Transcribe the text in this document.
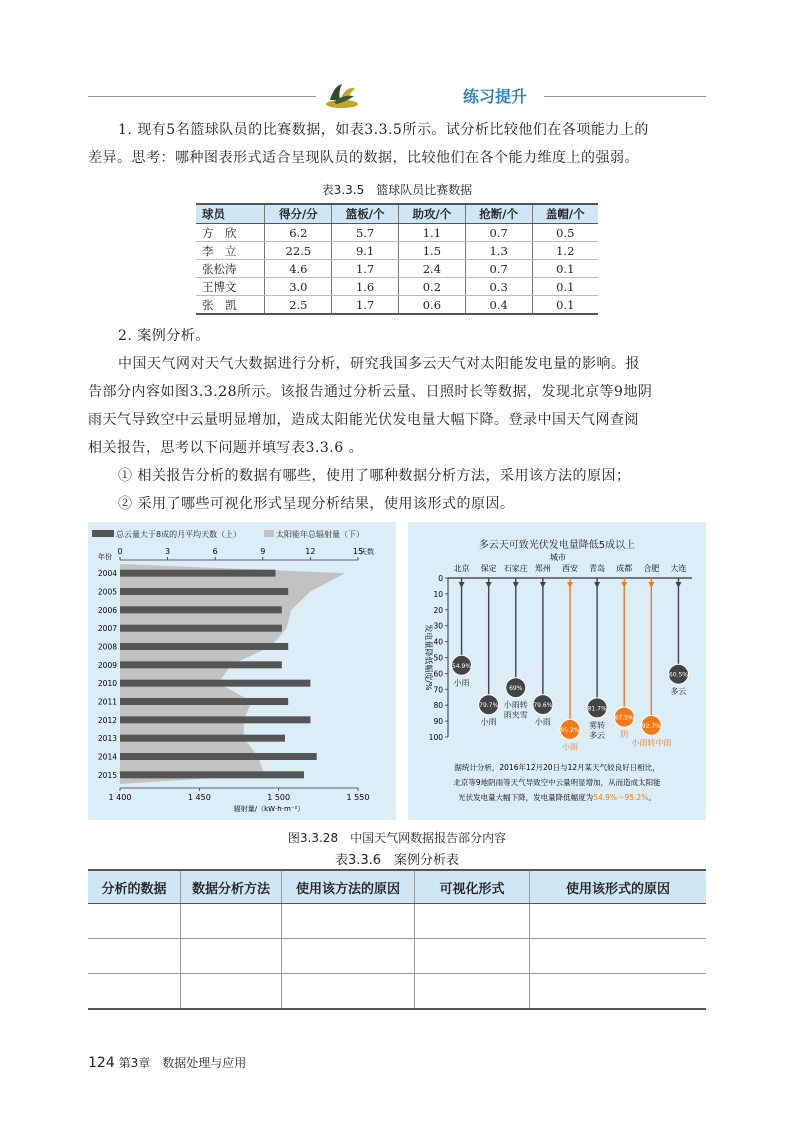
练习提升
1. 现有5名篮球队员的比赛数据，如表3.3.5所示。试分析比较他们在各项能力上的
差异。思考：哪种图表形式适合呈现队员的数据，比较他们在各个能力维度上的强弱。
表3.3.5　篮球队员比赛数据
球员	得分/分	篮板/个	助攻/个	抢断/个	盖帽/个
方　欣	6.2	5.7	1.1	0.7	0.5
李　立	22.5	9.1	1.5	1.3	1.2
张松涛	4.6	1.7	2.4	0.7	0.1
王博文	3.0	1.6	0.2	0.3	0.1
张　凯	2.5	1.7	0.6	0.4	0.1
2. 案例分析。
中国天气网对天气大数据进行分析，研究我国多云天气对太阳能发电量的影响。报
告部分内容如图3.3.28所示。该报告通过分析云量、日照时长等数据，发现北京等9地阴
雨天气导致空中云量明显增加，造成太阳能光伏发电量大幅下降。登录中国天气网查阅
相关报告，思考以下问题并填写表3.3.6 。
① 相关报告分析的数据有哪些，使用了哪种数据分析方法，采用该方法的原因；
② 采用了哪些可视化形式呈现分析结果，使用该形式的原因。
总云量大于8成的月平均天数（上）	太阳能年总辐射量（下）
0	3	6	9	12	15
天数
年份
2004
2005
2006
2007
2008
2009
2010
2011
2012
2013
2014
2015
1 400	1 450	1 500	1 550
辐射量/（kW·h·m⁻²）
多云天可致光伏发电量降低5成以上
城市
0
10
20
30
40
50
60
70
80
90
100
发电量降低幅度/%
北京
54.9%
小雨
保定
79.7%
小雨
石家庄
69%
小雨转
雨夹雪
郑州
79.6%
小雨
西安
95.2%
小雨
青岛
81.7%
雾转
多云
成都
87.5%
阴
合肥
92.7%
小雨转中雨
大连
60.5%
多云
据统计分析，2016年12月20日与12月某天气较良好日相比，
北京等9地阴雨等天气导致空中云量明显增加，从而造成太阳能
光伏发电量大幅下降，发电量降低幅度为54.9%～95.2%。
图3.3.28　中国天气网数据报告部分内容
表3.3.6　案例分析表
分析的数据	数据分析方法	使用该方法的原因	可视化形式	使用该形式的原因

124 第3章　数据处理与应用
